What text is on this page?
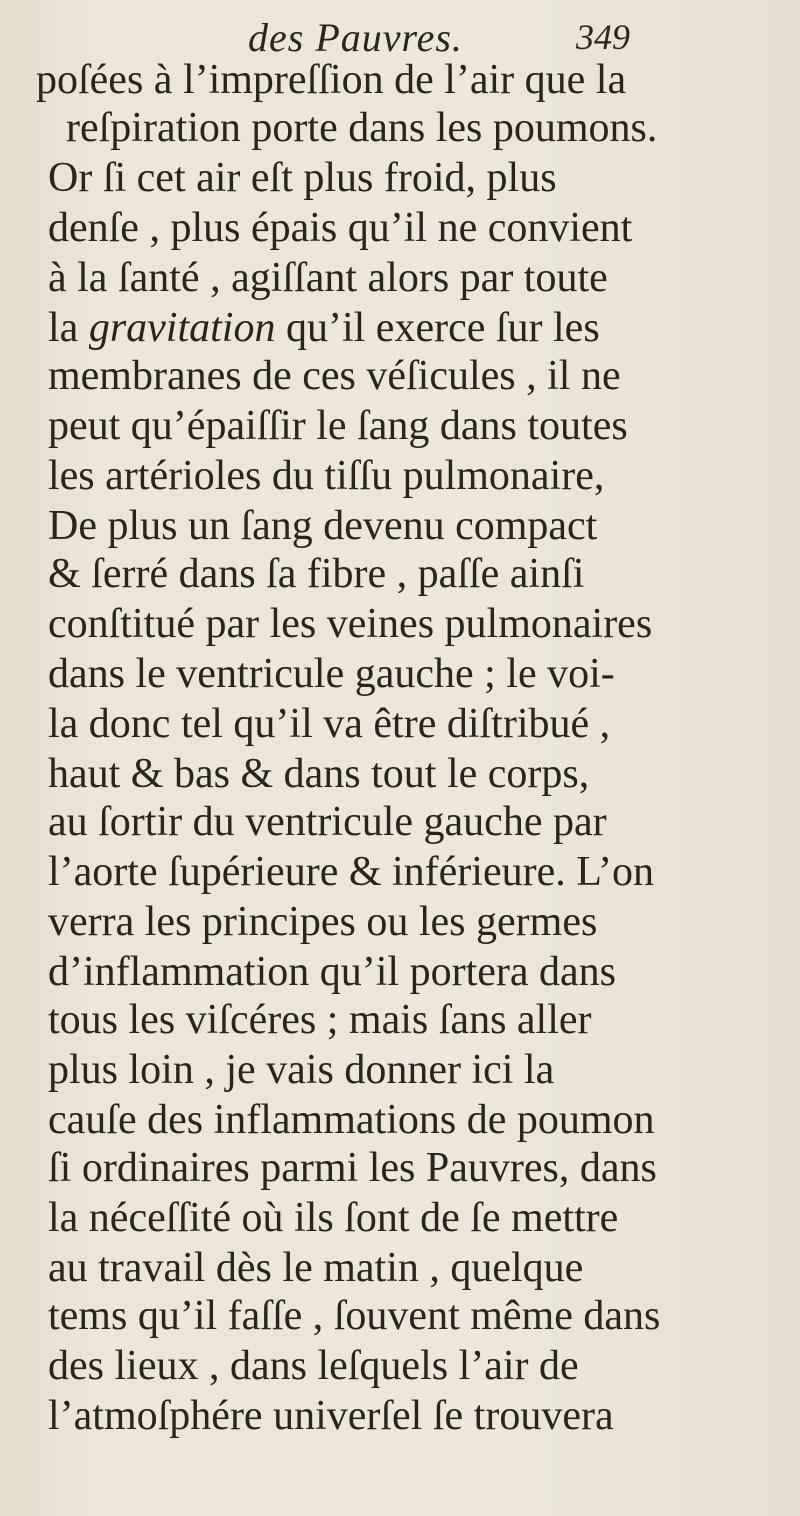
des Pauvres.	349
poſées à l’impreſſion de l’air que la
reſpiration porte dans les poumons.
Or ſi cet air eſt plus froid, plus
denſe , plus épais qu’il ne convient
à la ſanté , agiſſant alors par toute
la gravitation qu’il exerce ſur les
membranes de ces véſicules , il ne
peut qu’épaiſſir le ſang dans toutes
les artérioles du tiſſu pulmonaire,
De plus un ſang devenu compact
& ſerré dans ſa fibre , paſſe ainſi
conſtitué par les veines pulmonaires
dans le ventricule gauche ; le voi-
la donc tel qu’il va être diſtribué ,
haut & bas & dans tout le corps,
au ſortir du ventricule gauche par
l’aorte ſupérieure & inférieure. L’on
verra les principes ou les germes
d’inflammation qu’il portera dans
tous les viſcéres ; mais ſans aller
plus loin , je vais donner ici la
cauſe des inflammations de poumon
ſi ordinaires parmi les Pauvres, dans
la néceſſité où ils ſont de ſe mettre
au travail dès le matin , quelque
tems qu’il faſſe , ſouvent même dans
des lieux , dans leſquels l’air de
l’atmoſphére univerſel ſe trouvera
